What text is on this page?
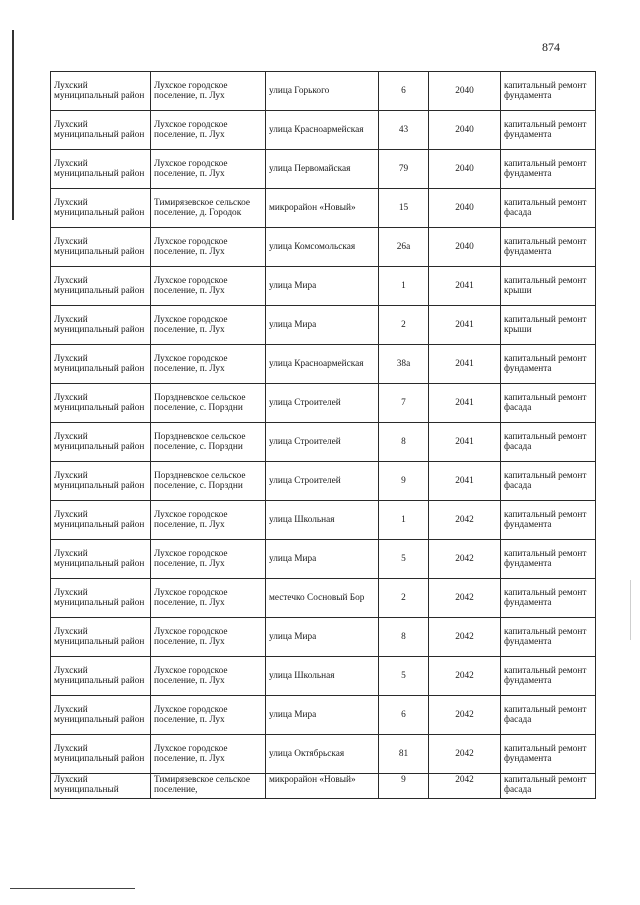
874
Лухский муниципальный район	Лухское городское поселение, п. Лух	улица Горького	6	2040	капитальный ремонт фундамента
Лухский муниципальный район	Лухское городское поселение, п. Лух	улица Красноармейская	43	2040	капитальный ремонт фундамента
Лухский муниципальный район	Лухское городское поселение, п. Лух	улица Первомайская	79	2040	капитальный ремонт фундамента
Лухский муниципальный район	Тимирязевское сельское поселение, д. Городок	микрорайон «Новый»	15	2040	капитальный ремонт фасада
Лухский муниципальный район	Лухское городское поселение, п. Лух	улица Комсомольская	26а	2040	капитальный ремонт фундамента
Лухский муниципальный район	Лухское городское поселение, п. Лух	улица Мира	1	2041	капитальный ремонт крыши
Лухский муниципальный район	Лухское городское поселение, п. Лух	улица Мира	2	2041	капитальный ремонт крыши
Лухский муниципальный район	Лухское городское поселение, п. Лух	улица Красноармейская	38а	2041	капитальный ремонт фундамента
Лухский муниципальный район	Порздневское сельское поселение, с. Порздни	улица Строителей	7	2041	капитальный ремонт фасада
Лухский муниципальный район	Порздневское сельское поселение, с. Порздни	улица Строителей	8	2041	капитальный ремонт фасада
Лухский муниципальный район	Порздневское сельское поселение, с. Порздни	улица Строителей	9	2041	капитальный ремонт фасада
Лухский муниципальный район	Лухское городское поселение, п. Лух	улица Школьная	1	2042	капитальный ремонт фундамента
Лухский муниципальный район	Лухское городское поселение, п. Лух	улица Мира	5	2042	капитальный ремонт фундамента
Лухский муниципальный район	Лухское городское поселение, п. Лух	местечко Сосновый Бор	2	2042	капитальный ремонт фундамента
Лухский муниципальный район	Лухское городское поселение, п. Лух	улица Мира	8	2042	капитальный ремонт фундамента
Лухский муниципальный район	Лухское городское поселение, п. Лух	улица Школьная	5	2042	капитальный ремонт фундамента
Лухский муниципальный район	Лухское городское поселение, п. Лух	улица Мира	6	2042	капитальный ремонт фасада
Лухский муниципальный район	Лухское городское поселение, п. Лух	улица Октябрьская	81	2042	капитальный ремонт фундамента
Лухский муниципальный	Тимирязевское сельское поселение,	микрорайон «Новый»	9	2042	капитальный ремонт фасада
